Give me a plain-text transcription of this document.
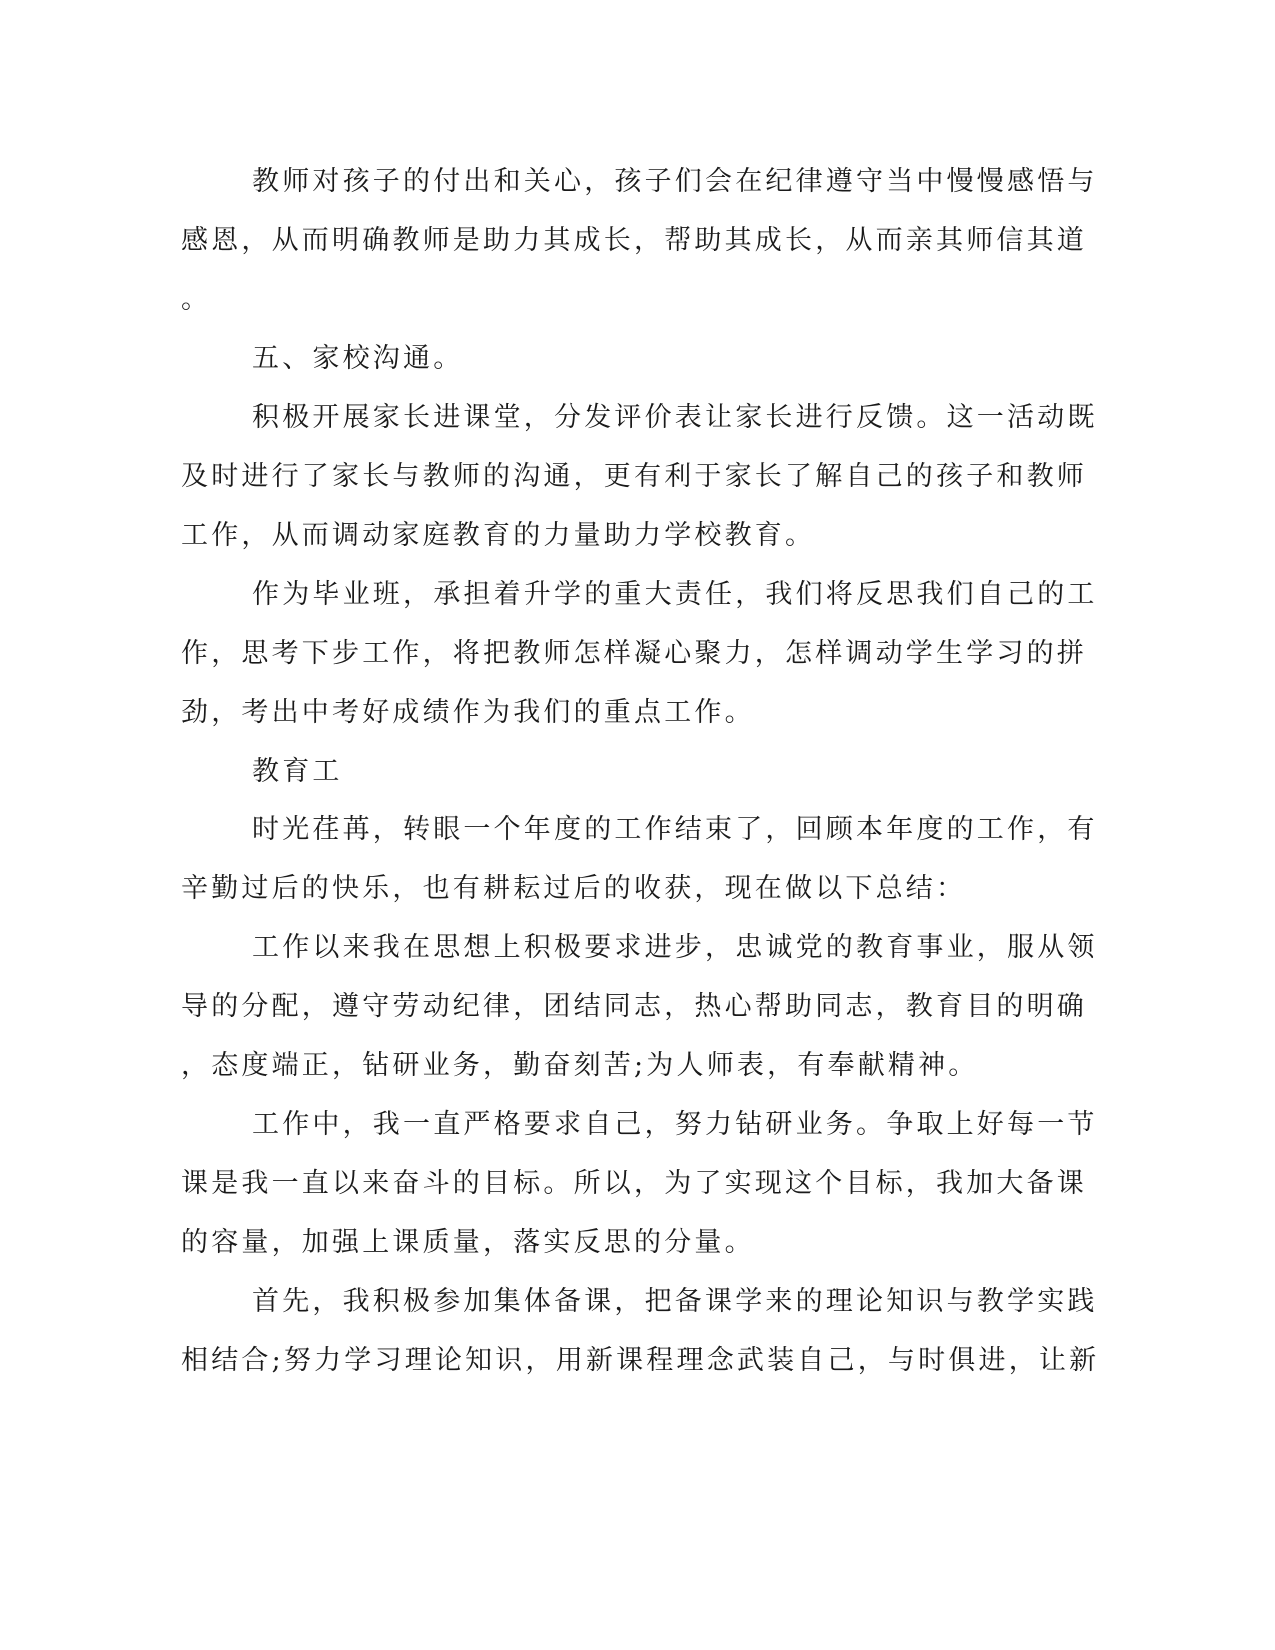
教师对孩子的付出和关心，孩子们会在纪律遵守当中慢慢感悟与
感恩，从而明确教师是助力其成长，帮助其成长，从而亲其师信其道
。
五、家校沟通。
积极开展家长进课堂，分发评价表让家长进行反馈。这一活动既
及时进行了家长与教师的沟通，更有利于家长了解自己的孩子和教师
工作，从而调动家庭教育的力量助力学校教育。
作为毕业班，承担着升学的重大责任，我们将反思我们自己的工
作，思考下步工作，将把教师怎样凝心聚力，怎样调动学生学习的拼
劲，考出中考好成绩作为我们的重点工作。
教育工
时光荏苒，转眼一个年度的工作结束了，回顾本年度的工作，有
辛勤过后的快乐，也有耕耘过后的收获，现在做以下总结：
工作以来我在思想上积极要求进步，忠诚党的教育事业，服从领
导的分配，遵守劳动纪律，团结同志，热心帮助同志，教育目的明确
，态度端正，钻研业务，勤奋刻苦;为人师表，有奉献精神。
工作中，我一直严格要求自己，努力钻研业务。争取上好每一节
课是我一直以来奋斗的目标。所以，为了实现这个目标，我加大备课
的容量，加强上课质量，落实反思的分量。
首先，我积极参加集体备课，把备课学来的理论知识与教学实践
相结合;努力学习理论知识，用新课程理念武装自己，与时俱进，让新
